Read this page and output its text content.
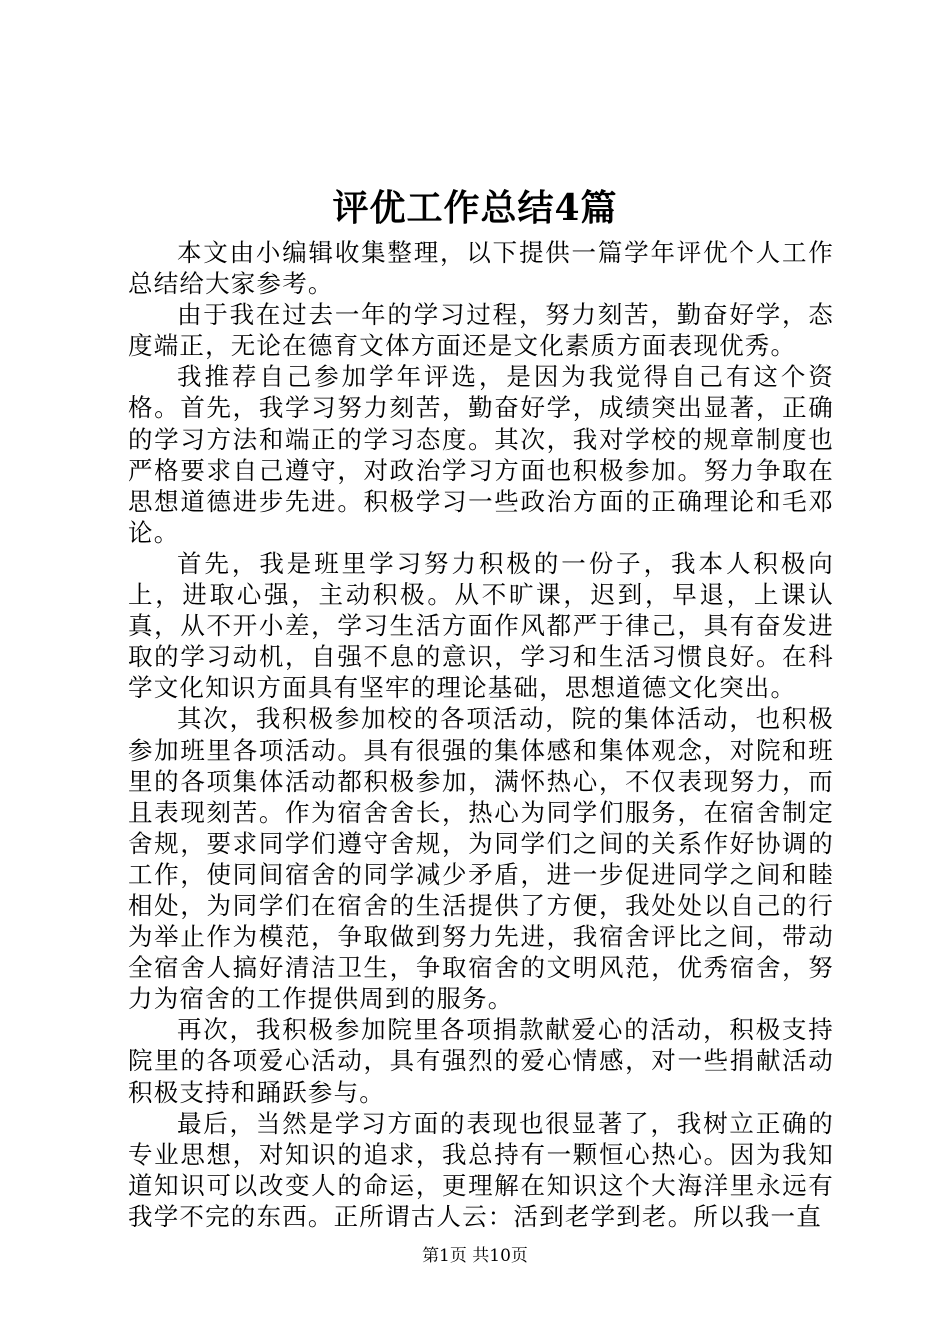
评优工作总结4篇

本文由小编辑收集整理，以下提供一篇学年评优个人工作总结给大家参考。

由于我在过去一年的学习过程，努力刻苦，勤奋好学，态度端正，无论在德育文体方面还是文化素质方面表现优秀。

我推荐自己参加学年评选，是因为我觉得自己有这个资格。首先，我学习努力刻苦，勤奋好学，成绩突出显著，正确的学习方法和端正的学习态度。其次，我对学校的规章制度也严格要求自己遵守，对政治学习方面也积极参加。努力争取在思想道德进步先进。积极学习一些政治方面的正确理论和毛邓论。

首先，我是班里学习努力积极的一份子，我本人积极向上，进取心强，主动积极。从不旷课，迟到，早退，上课认真，从不开小差，学习生活方面作风都严于律己，具有奋发进取的学习动机，自强不息的意识，学习和生活习惯良好。在科学文化知识方面具有坚牢的理论基础，思想道德文化突出。

其次，我积极参加校的各项活动，院的集体活动，也积极参加班里各项活动。具有很强的集体感和集体观念，对院和班里的各项集体活动都积极参加，满怀热心，不仅表现努力，而且表现刻苦。作为宿舍舍长，热心为同学们服务，在宿舍制定舍规，要求同学们遵守舍规，为同学们之间的关系作好协调的工作，使同间宿舍的同学减少矛盾，进一步促进同学之间和睦相处，为同学们在宿舍的生活提供了方便，我处处以自己的行为举止作为模范，争取做到努力先进，我宿舍评比之间，带动全宿舍人搞好清洁卫生，争取宿舍的文明风范，优秀宿舍，努力为宿舍的工作提供周到的服务。

再次，我积极参加院里各项捐款献爱心的活动，积极支持院里的各项爱心活动，具有强烈的爱心情感，对一些捐献活动积极支持和踊跃参与。

最后，当然是学习方面的表现也很显著了，我树立正确的专业思想，对知识的追求，我总持有一颗恒心热心。因为我知道知识可以改变人的命运，更理解在知识这个大海洋里永远有我学不完的东西。正所谓古人云：活到老学到老。所以我一直

第1页 共10页
